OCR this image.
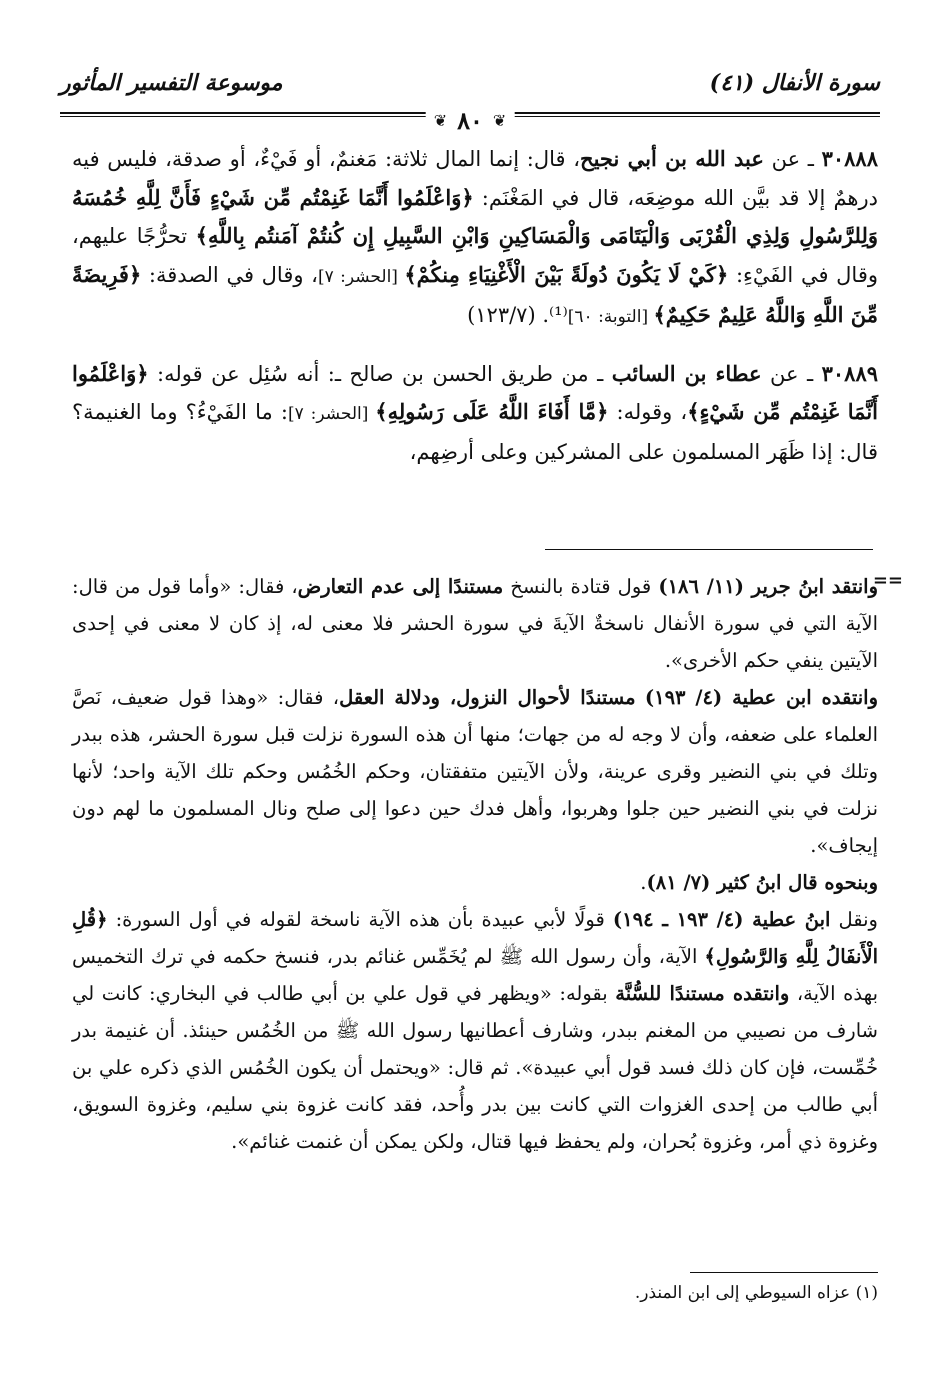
سورة الأنفال (٤١)
موسوعة التفسير المأثور
❦ ٨٠ ❦

٣٠٨٨٨ ـ عن عبد الله بن أبي نجيح، قال: إنما المال ثلاثة: مَغنمٌ، أو فَيْءٌ، أو صدقة، فليس فيه درهمٌ إلا قد بيَّن الله موضِعَه، قال في المَغْنَم: ﴿وَاعْلَمُوا أَنَّمَا غَنِمْتُم مِّن شَيْءٍ فَأَنَّ لِلَّهِ خُمُسَهُ وَلِلرَّسُولِ وَلِذِي الْقُرْبَى وَالْيَتَامَى وَالْمَسَاكِينِ وَابْنِ السَّبِيلِ إِن كُنتُمْ آمَنتُم بِاللَّهِ﴾ تحرُّجًا عليهم، وقال في الفَيْءِ: ﴿كَيْ لَا يَكُونَ دُولَةً بَيْنَ الْأَغْنِيَاءِ مِنكُمْ﴾ [الحشر: ٧]، وقال في الصدقة: ﴿فَرِيضَةً مِّنَ اللَّهِ وَاللَّهُ عَلِيمٌ حَكِيمٌ﴾ [التوبة: ٦٠]⁽¹⁾. (١٢٣/٧)

٣٠٨٨٩ ـ عن عطاء بن السائب ـ من طريق الحسن بن صالح ـ: أنه سُئِل عن قوله: ﴿وَاعْلَمُوا أَنَّمَا غَنِمْتُم مِّن شَيْءٍ﴾، وقوله: ﴿مَّا أَفَاءَ اللَّهُ عَلَى رَسُولِهِ﴾ [الحشر: ٧]: ما الفَيْءُ؟ وما الغنيمة؟ قال: إذا ظَهَر المسلمون على المشركين وعلى أرضِهم،

==

وانتقد ابنُ جرير (١١/ ١٨٦) قول قتادة بالنسخ مستندًا إلى عدم التعارض، فقال: «وأما قول من قال: الآية التي في سورة الأنفال ناسخةٌ الآيةَ في سورة الحشر فلا معنى له، إذ كان لا معنى في إحدى الآيتين ينفي حكم الأخرى».

وانتقده ابن عطية (٤/ ١٩٣) مستندًا لأحوال النزول، ودلالة العقل، فقال: «وهذا قول ضعيف، نَصَّ العلماء على ضعفه، وأن لا وجه له من جهات؛ منها أن هذه السورة نزلت قبل سورة الحشر، هذه ببدر وتلك في بني النضير وقرى عرينة، ولأن الآيتين متفقتان، وحكم الخُمُس وحكم تلك الآية واحد؛ لأنها نزلت في بني النضير حين جلوا وهربوا، وأهل فدك حين دعوا إلى صلح ونال المسلمون ما لهم دون إيجاف».

وبنحوه قال ابنُ كثير (٧/ ٨١).

ونقل ابنُ عطية (٤/ ١٩٣ ـ ١٩٤) قولًا لأبي عبيدة بأن هذه الآية ناسخة لقوله في أول السورة: ﴿قُلِ الْأَنفَالُ لِلَّهِ وَالرَّسُولِ﴾ الآية، وأن رسول الله ﷺ لم يُخَمِّس غنائم بدر، فنسخ حكمه في ترك التخميس بهذه الآية، وانتقده مستندًا للسُّنَّة بقوله: «ويظهر في قول علي بن أبي طالب في البخاري: كانت لي شارف من نصيبي من المغنم ببدر، وشارف أعطانيها رسول الله ﷺ من الخُمُس حينئذ. أن غنيمة بدر خُمِّست، فإن كان ذلك فسد قول أبي عبيدة». ثم قال: «ويحتمل أن يكون الخُمُس الذي ذكره علي بن أبي طالب من إحدى الغزوات التي كانت بين بدر وأُحد، فقد كانت غزوة بني سليم، وغزوة السويق، وغزوة ذي أمر، وغزوة بُحران، ولم يحفظ فيها قتال، ولكن يمكن أن غنمت غنائم».

(١) عزاه السيوطي إلى ابن المنذر.
